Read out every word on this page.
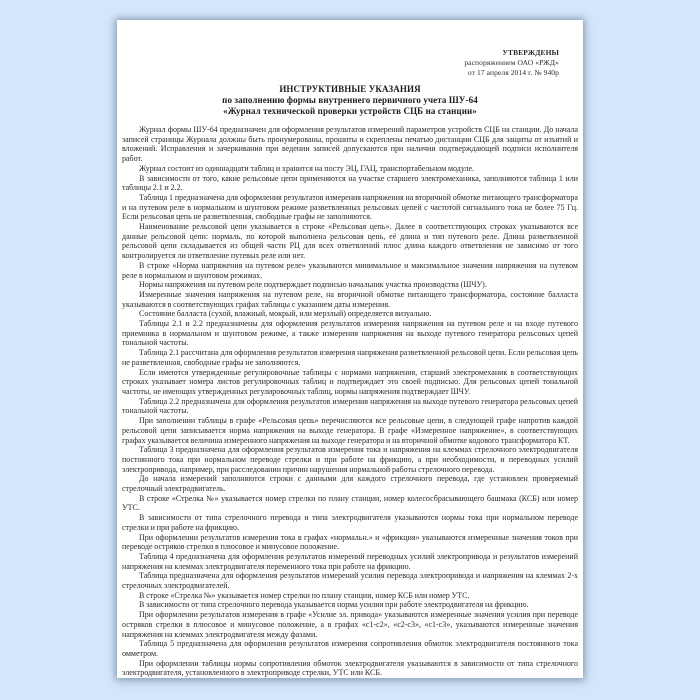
УТВЕРЖДЕНЫ
распоряжением ОАО «РЖД»
от 17 апреля 2014 г. № 940р
ИНСТРУКТИВНЫЕ УКАЗАНИЯ
по заполнению формы внутреннего первичного учета ШУ-64
«Журнал технической проверки устройств СЦБ на станции»

Журнал формы ШУ-64 предназначен для оформления результатов измерений параметров устройств СЦБ на станции. До начала записей страницы Журнала должны быть пронумерованы, прошиты и скреплены печатью дистанции СЦБ для защиты от изъятий и вложений. Исправления и зачеркивания при ведении записей допускаются при наличии подтверждающей подписи исполнителя работ.

Журнал состоит из одиннадцати таблиц и хранится на посту ЭЦ, ГАЦ, транспортабельном модуле.

В зависимости от того, какие рельсовые цепи применяются на участке старшего электромеханика, заполняются таблица 1 или таблицы 2.1 и 2.2.

Таблица 1 предназначена для оформления результатов измерения напряжения на вторичной обмотке питающего трансформатора и на путевом реле в нормальном и шунтовом режиме разветвленных рельсовых цепей с частотой сигнального тока не более 75 Гц. Если рельсовая цепь не разветвленная, свободные графы не заполняются.

Наименование рельсовой цепи указывается в строке «Рельсовая цепь». Далее в соответствующих строках указываются все данные рельсовой цепи: нормаль, по которой выполнена рельсовая цепь, её длина и тип путевого реле. Длина разветвленной рельсовой цепи складывается из общей части РЦ для всех ответвлений плюс длина каждого ответвления не зависимо от того контролируется ли ответвление путевых реле или нет.

В строке «Норма напряжения на путевом реле» указываются минимальное и максимальное значения напряжения на путевом реле в нормальном и шунтовом режимах.

Нормы напряжения на путевом реле подтверждает подписью начальник участка производства (ШЧУ).

Измеренные значения напряжения на путевом реле, на вторичной обмотке питающего трансформатора, состояние балласта указываются в соответствующих графах таблицы с указанием даты измерения.

Состояние балласта (сухой, влажный, мокрый, или мерзлый) определяется визуально.

Таблицы 2.1 и 2.2 предназначены для оформления результатов измерения напряжения на путевом реле и на входе путевого приемника в нормальном и шунтовом режиме, а также измерения напряжения на выходе путевого генератора рельсовых цепей тональной частоты.

Таблица 2.1 рассчитана для оформления результатов измерения напряжения разветвленной рельсовой цепи. Если рельсовая цепь не разветвленная, свободные графы не заполняются.

Если имеются утвержденные регулировочные таблицы с нормами напряжения, старший электромеханик в соответствующих строках указывает номера листов регулировочных таблиц и подтверждает это своей подписью. Для рельсовых цепей тональной частоты, не имеющих утвержденных регулировочных таблиц, нормы напряжения подтверждает ШЧУ.

Таблица 2.2 предназначена для оформления результатов измерения напряжения на выходе путевого генератора рельсовых цепей тональной частоты.

При заполнении таблицы в графе «Рельсовая цепь» перечисляются все рельсовые цепи, в следующей графе напротив каждой рельсовой цепи записывается норма напряжения на выходе генератора. В графе «Измеренное напряжение», в соответствующих графах указывается величина измеренного напряжения на выходе генератора и на вторичной обмотке кодового трансформатора КТ.

Таблица 3 предназначена для оформления результатов измерения тока и напряжения на клеммах стрелочного электродвигателя постоянного тока при нормальном переводе стрелки и при работе на фрикцию, а при необходимости, и переводных усилий электропривода, например, при расследовании причин нарушения нормальной работы стрелочного перевода.

До начала измерений заполняются строки с данными для каждого стрелочного перевода, где установлен проверяемый стрелочный электродвигатель.

В строке «Стрелка №» указывается номер стрелки по плану станции, номер колесосбрасывающего башмака (КСБ) или номер УТС.

В зависимости от типа стрелочного перевода и типа электродвигателя указываются нормы тока при нормальном переводе стрелки и при работе на фрикцию.

При оформлении результатов измерения тока в графах «нормальн.» и «фрикция» указываются измеренные значения токов при переводе остряков стрелки в плюсовое и минусовое положение.

Таблица 4 предназначена для оформления результатов измерений переводных усилий электропривода и результатов измерений напряжения на клеммах электродвигателя переменного тока при работе на фрикцию.

Таблица предназначена для оформления результатов измерений усилия перевода электропривода и напряжения на клеммах 2-х стрелочных электродвигателей.

В строке «Стрелка №» указывается номер стрелки по плану станции, номер КСБ или номер УТС.

В зависимости от типа стрелочного перевода указывается норма усилия при работе электродвигателя на фрикцию.

При оформлении результатов измерения в графе «Усилие эл. привода» указываются измеренные значения усилия при переводе остряков стрелки в плюсовое и минусовое положение, а в графах «с1-с2», «с2-с3», «с1-с3», указываются измеренные значения напряжения на клеммах электродвигателя между фазами.

Таблица 5 предназначена для оформления результатов измерения сопротивления обмоток электродвигателя постоянного тока омметром.

При оформлении таблицы нормы сопротивления обмоток электродвигателя указываются в зависимости от типа стрелочного электродвигателя, установленного в электроприводе стрелки, УТС или КСБ.
